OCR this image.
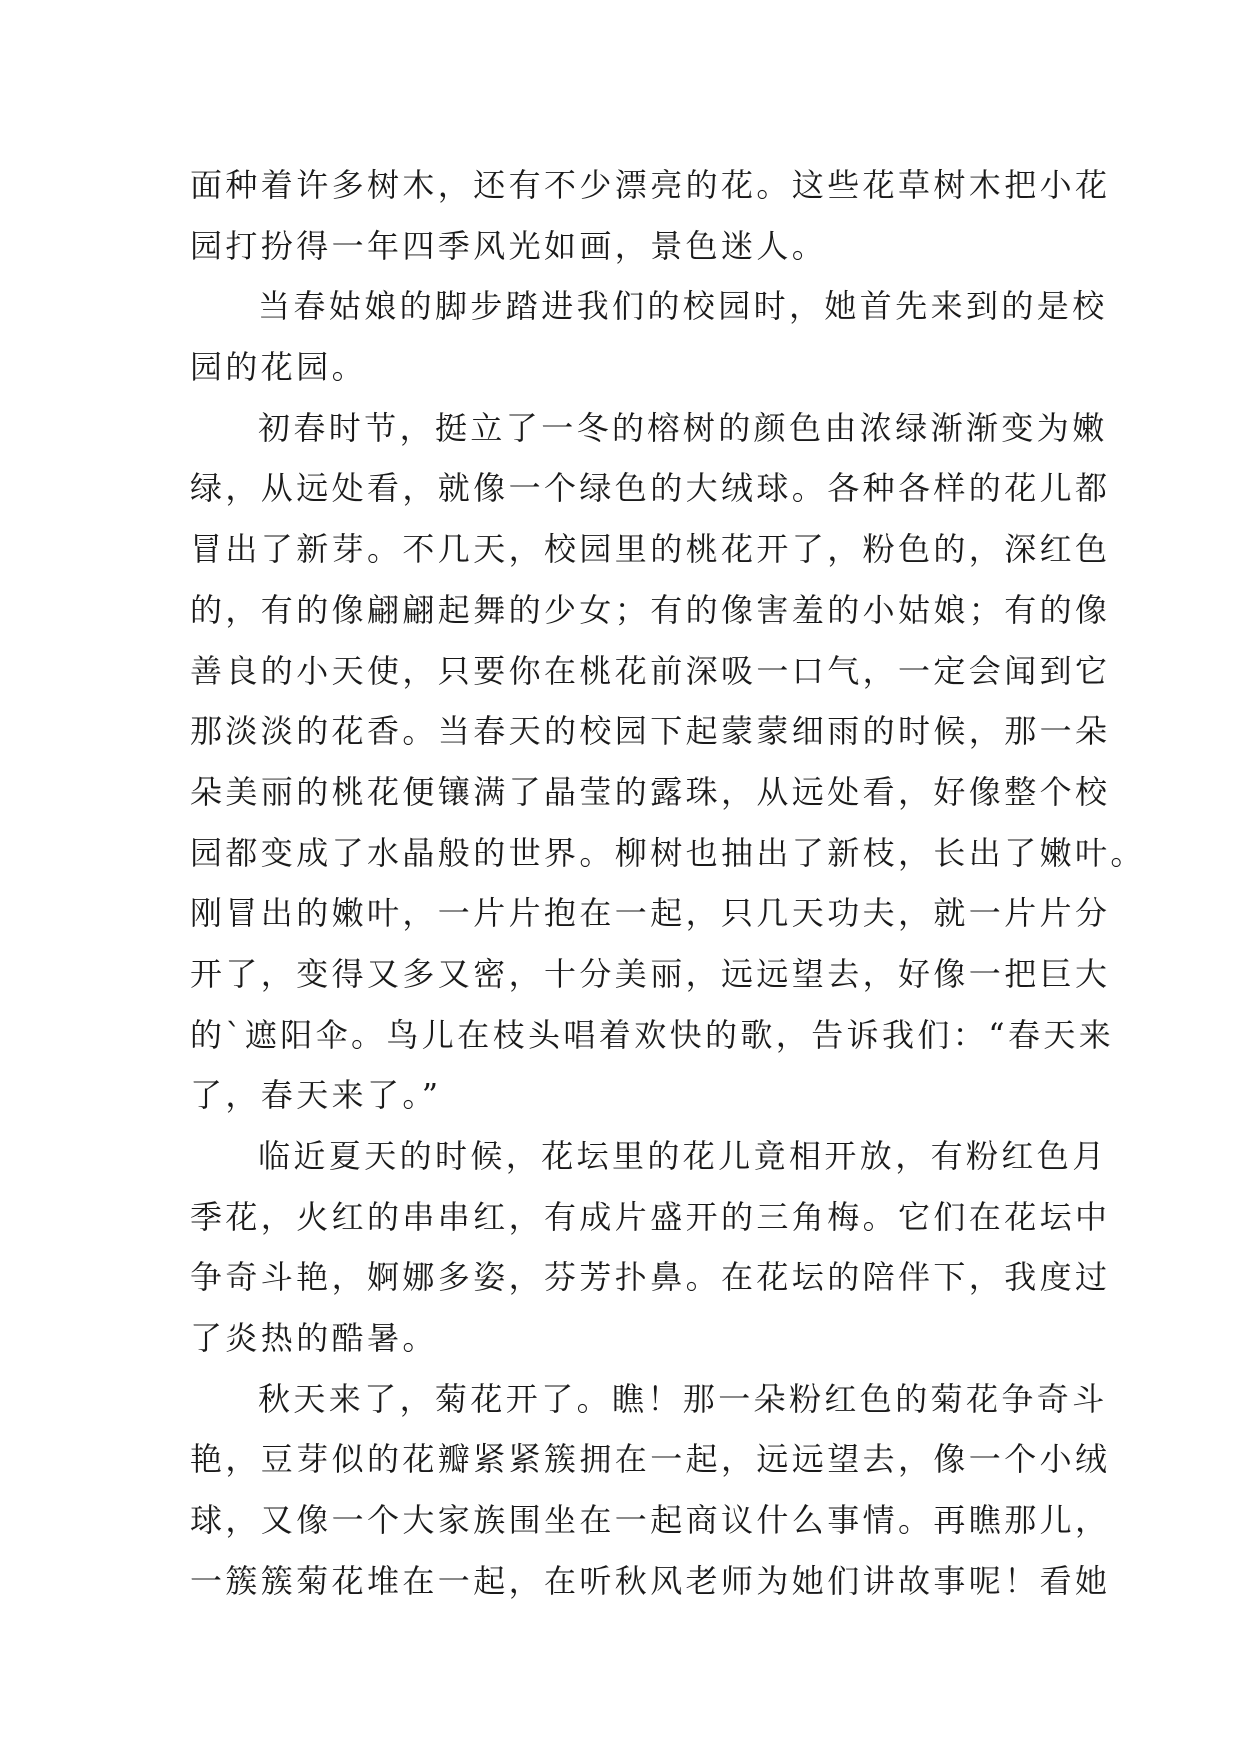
面种着许多树木，还有不少漂亮的花。这些花草树木把小花
园打扮得一年四季风光如画，景色迷人。
当春姑娘的脚步踏进我们的校园时，她首先来到的是校
园的花园。
初春时节，挺立了一冬的榕树的颜色由浓绿渐渐变为嫩
绿，从远处看，就像一个绿色的大绒球。各种各样的花儿都
冒出了新芽。不几天，校园里的桃花开了，粉色的，深红色
的，有的像翩翩起舞的少女；有的像害羞的小姑娘；有的像
善良的小天使，只要你在桃花前深吸一口气，一定会闻到它
那淡淡的花香。当春天的校园下起蒙蒙细雨的时候，那一朵
朵美丽的桃花便镶满了晶莹的露珠，从远处看，好像整个校
园都变成了水晶般的世界。柳树也抽出了新枝，长出了嫩叶。
刚冒出的嫩叶，一片片抱在一起，只几天功夫，就一片片分
开了，变得又多又密，十分美丽，远远望去，好像一把巨大
的`遮阳伞。鸟儿在枝头唱着欢快的歌，告诉我们：“春天来
了，春天来了。”
临近夏天的时候，花坛里的花儿竟相开放，有粉红色月
季花，火红的串串红，有成片盛开的三角梅。它们在花坛中
争奇斗艳，婀娜多姿，芬芳扑鼻。在花坛的陪伴下，我度过
了炎热的酷暑。
秋天来了，菊花开了。瞧！那一朵粉红色的菊花争奇斗
艳，豆芽似的花瓣紧紧簇拥在一起，远远望去，像一个小绒
球，又像一个大家族围坐在一起商议什么事情。再瞧那儿，
一簇簇菊花堆在一起，在听秋风老师为她们讲故事呢！看她
